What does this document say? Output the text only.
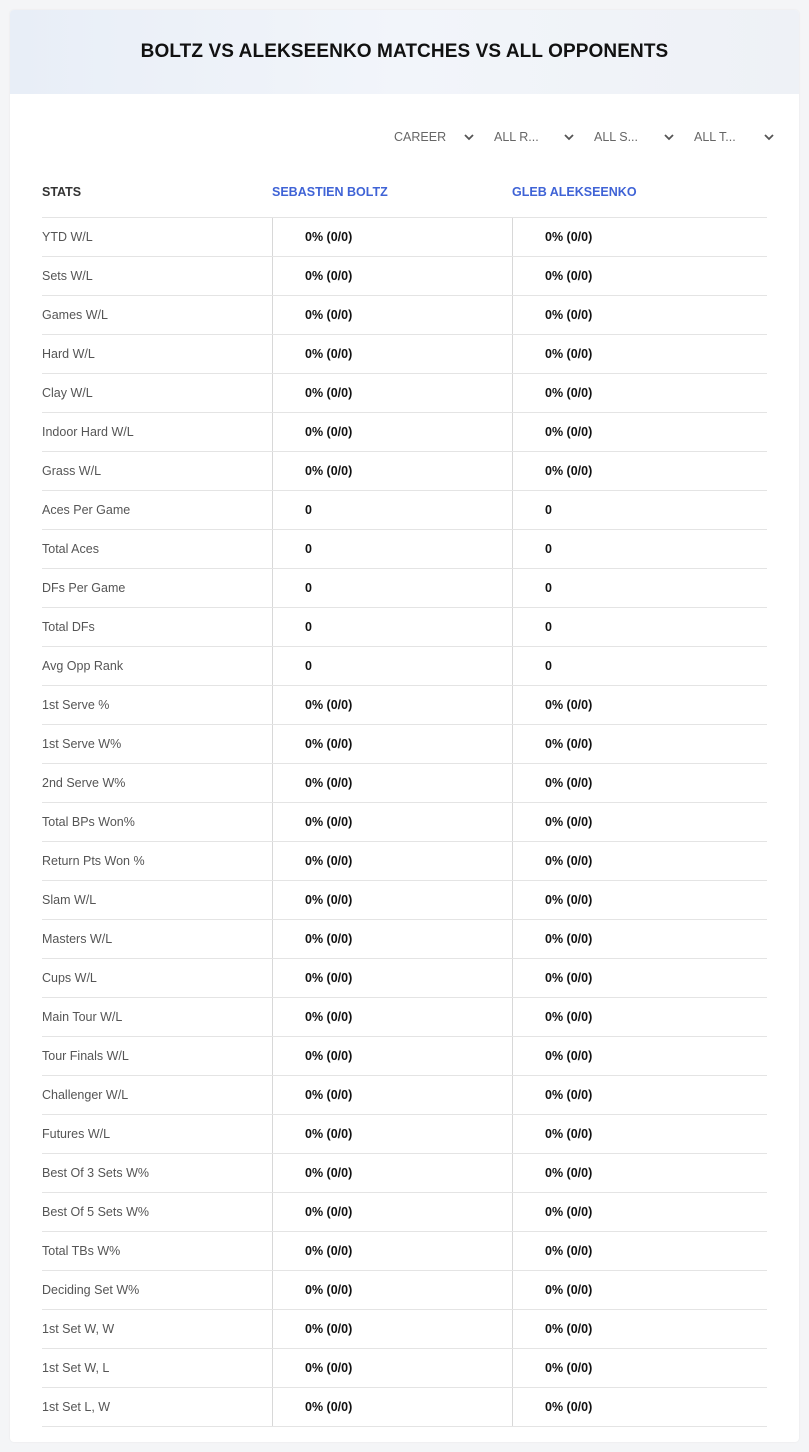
BOLTZ VS ALEKSEENKO MATCHES VS ALL OPPONENTS
CAREER	ALL R...	ALL S...	ALL T...
STATS	SEBASTIEN BOLTZ	GLEB ALEKSEENKO
YTD W/L	0% (0/0)	0% (0/0)
Sets W/L	0% (0/0)	0% (0/0)
Games W/L	0% (0/0)	0% (0/0)
Hard W/L	0% (0/0)	0% (0/0)
Clay W/L	0% (0/0)	0% (0/0)
Indoor Hard W/L	0% (0/0)	0% (0/0)
Grass W/L	0% (0/0)	0% (0/0)
Aces Per Game	0	0
Total Aces	0	0
DFs Per Game	0	0
Total DFs	0	0
Avg Opp Rank	0	0
1st Serve %	0% (0/0)	0% (0/0)
1st Serve W%	0% (0/0)	0% (0/0)
2nd Serve W%	0% (0/0)	0% (0/0)
Total BPs Won%	0% (0/0)	0% (0/0)
Return Pts Won %	0% (0/0)	0% (0/0)
Slam W/L	0% (0/0)	0% (0/0)
Masters W/L	0% (0/0)	0% (0/0)
Cups W/L	0% (0/0)	0% (0/0)
Main Tour W/L	0% (0/0)	0% (0/0)
Tour Finals W/L	0% (0/0)	0% (0/0)
Challenger W/L	0% (0/0)	0% (0/0)
Futures W/L	0% (0/0)	0% (0/0)
Best Of 3 Sets W%	0% (0/0)	0% (0/0)
Best Of 5 Sets W%	0% (0/0)	0% (0/0)
Total TBs W%	0% (0/0)	0% (0/0)
Deciding Set W%	0% (0/0)	0% (0/0)
1st Set W, W	0% (0/0)	0% (0/0)
1st Set W, L	0% (0/0)	0% (0/0)
1st Set L, W	0% (0/0)	0% (0/0)
